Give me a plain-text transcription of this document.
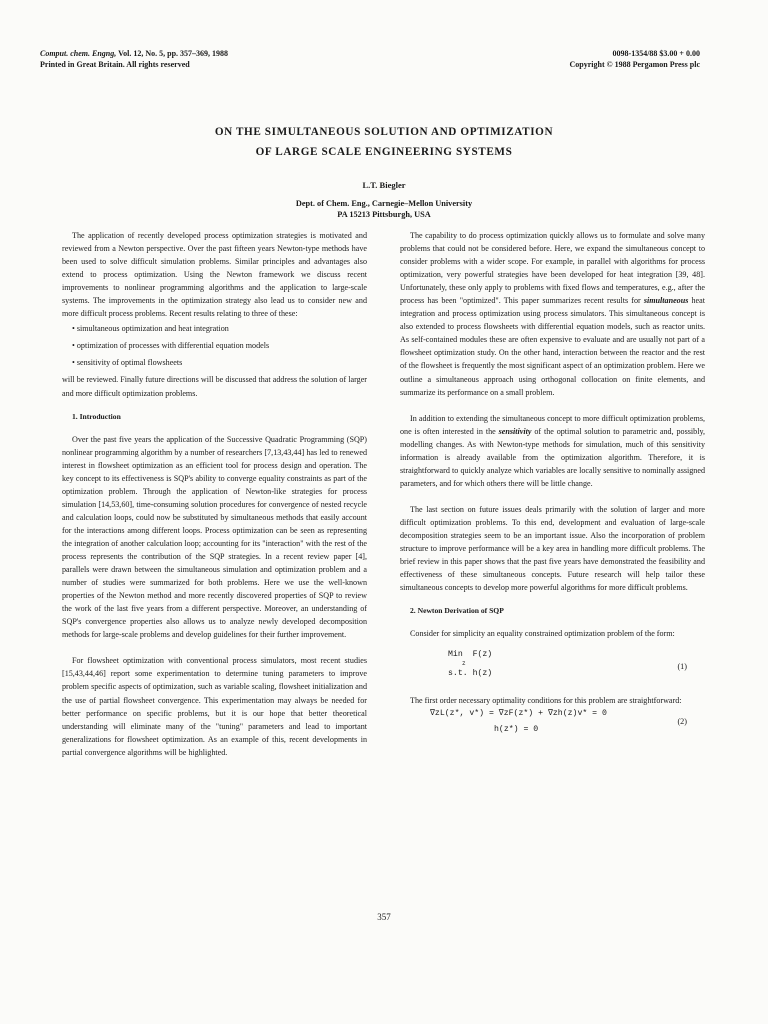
Comput. chem. Engng, Vol. 12, No. 5, pp. 357–369, 1988
Printed in Great Britain. All rights reserved
0098-1354/88 $3.00 + 0.00
Copyright © 1988 Pergamon Press plc
ON THE SIMULTANEOUS SOLUTION AND OPTIMIZATION
OF LARGE SCALE ENGINEERING SYSTEMS
L.T. Biegler
Dept. of Chem. Eng., Carnegie–Mellon University
PA 15213 Pittsburgh, USA

The application of recently developed process optimization strategies is motivated and reviewed from a Newton perspective. Over the past fifteen years Newton-type methods have been used to solve difficult simulation problems. Similar principles and advantages also extend to process optimization. Using the Newton framework we discuss recent improvements to nonlinear programming algorithms and the application to large-scale systems. The improvements in the optimization strategy also lead us to consider new and more difficult process problems. Recent results relating to three of these:

• simultaneous optimization and heat integration
• optimization of processes with differential equation models
• sensitivity of optimal flowsheets

will be reviewed. Finally future directions will be discussed that address the solution of larger and more difficult optimization problems.

1. Introduction

Over the past five years the application of the Successive Quadratic Programming (SQP) nonlinear programming algorithm by a number of researchers [7,13,43,44] has led to renewed interest in flowsheet optimization as an efficient tool for process design and operation. The key concept to its effectiveness is SQP's ability to converge equality constraints as part of the optimization problem. Through the application of Newton-like strategies for process simulation [14,53,60], time-consuming solution procedures for convergence of nested recycle and calculation loops, could now be substituted by simultaneous methods that easily account for the interactions among different loops. Process optimization can be seen as representing the integration of another calculation loop; accounting for its "interaction" with the rest of the process represents the contribution of the SQP strategies. In a recent review paper [4], parallels were drawn between the simultaneous simulation and optimization problem and a number of studies were summarized for both problems. Here we use the well-known properties of the Newton method and more recently discovered properties of SQP to review the work of the last five years from a different perspective. Moreover, an understanding of SQP's convergence properties also allows us to analyze newly developed decomposition methods for large-scale problems and develop guidelines for their further improvement.

For flowsheet optimization with conventional process simulators, most recent studies [15,43,44,46] report some experimentation to determine tuning parameters to improve problem specific aspects of optimization, such as variable scaling, flowsheet initialization and the use of partial flowsheet convergence. This experimentation may always be needed for better performance on specific problems, but it is our hope that better theoretical understanding will eliminate many of the "tuning" parameters and lead to important generalizations for flowsheet optimization. As an example of this, recent developments in partial convergence algorithms will be highlighted.

The capability to do process optimization quickly allows us to formulate and solve many problems that could not be considered before. Here, we expand the simultaneous concept to consider problems with a wider scope. For example, in parallel with algorithms for process optimization, very powerful strategies have been developed for heat integration [39, 48]. Unfortunately, these only apply to problems with fixed flows and temperatures, e.g., after the process has been "optimized". This paper summarizes recent results for simultaneous heat integration and process optimization using process simulators. This simultaneous concept is also extended to process flowsheets with differential equation models, such as reactor units. As self-contained modules these are often expensive to evaluate and are usually not part of a flowsheet optimization study. On the other hand, interaction between the reactor and the rest of the flowsheet is frequently the most significant aspect of an optimization problem. Here we outline a simultaneous approach using orthogonal collocation on finite elements, and summarize its performance on a small problem.

In addition to extending the simultaneous concept to more difficult optimization problems, one is often interested in the sensitivity of the optimal solution to parametric and, possibly, modelling changes. As with Newton-type methods for simulation, much of this sensitivity information is already available from the optimization algorithm. Therefore, it is straightforward to quickly analyze which variables are locally sensitive to nominally assigned parameters, and for which others there will be little change.

The last section on future issues deals primarily with the solution of larger and more difficult optimization problems. To this end, development and evaluation of large-scale decomposition strategies seem to be an important issue. Also the incorporation of problem structure to improve performance will be a key area in handling more difficult problems. The brief review in this paper shows that the past five years have demonstrated the feasibility and effectiveness of these simultaneous concepts. Future research will help tailor these simultaneous concepts to develop more powerful algorithms for more difficult problems.

2. Newton Derivation of SQP

Consider for simplicity an equality constrained optimization problem of the form:

Min  F(z)
z
s.t. h(z)
(1)

The first order necessary optimality conditions for this problem are straightforward:

∇zL(z*, v*) = ∇zF(z*) + ∇zh(z)v* = 0
h(z*) = 0
(2)
357
